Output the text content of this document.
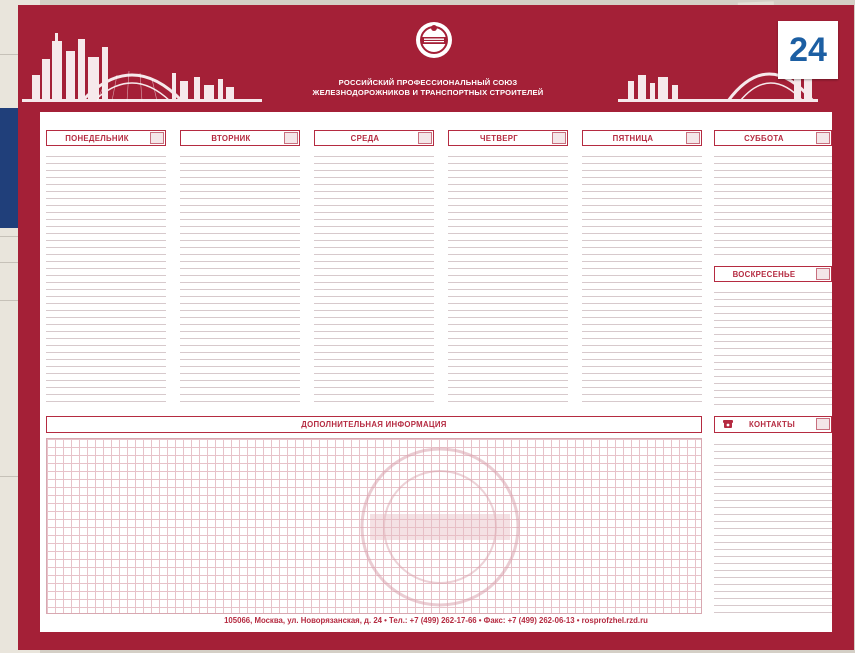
РОССИЙСКИЙ ПРОФЕССИОНАЛЬНЫЙ СОЮЗ
ЖЕЛЕЗНОДОРОЖНИКОВ И ТРАНСПОРТНЫХ СТРОИТЕЛЕЙ
24
ПОНЕДЕЛЬНИК	ВТОРНИК	СРЕДА	ЧЕТВЕРГ	ПЯТНИЦА	СУББОТА
ВОСКРЕСЕНЬЕ
ДОПОЛНИТЕЛЬНАЯ ИНФОРМАЦИЯ	КОНТАКТЫ
105066, Москва, ул. Новорязанская, д. 24 • Тел.: +7 (499) 262-17-66 • Факс: +7 (499) 262-06-13 • rosprofzhel.rzd.ru
